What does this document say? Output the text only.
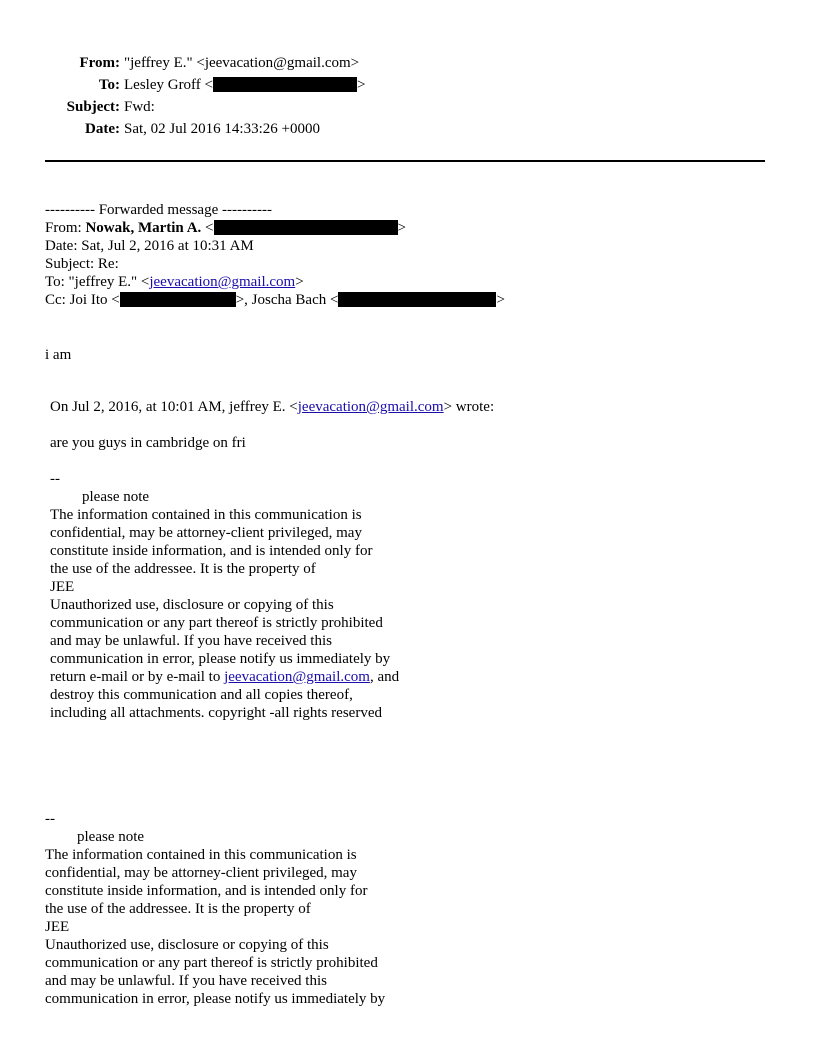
From: "jeffrey E." <jeevacation@gmail.com>
To: Lesley Groff <	>
Subject: Fwd:
Date: Sat, 02 Jul 2016 14:33:26 +0000
---------- Forwarded message ----------
From: Nowak, Martin A. <	>
Date: Sat, Jul 2, 2016 at 10:31 AM
Subject: Re:
To: "jeffrey E." <jeevacation@gmail.com>
Cc: Joi Ito <	>, Joscha Bach <	>
i am
On Jul 2, 2016, at 10:01 AM, jeffrey E. <jeevacation@gmail.com> wrote:
are you guys in cambridge on fri
--
please note
The information contained in this communication is
confidential, may be attorney-client privileged, may
constitute inside information, and is intended only for
the use of the addressee. It is the property of
JEE
Unauthorized use, disclosure or copying of this
communication or any part thereof is strictly prohibited
and may be unlawful. If you have received this
communication in error, please notify us immediately by
return e-mail or by e-mail to jeevacation@gmail.com, and
destroy this communication and all copies thereof,
including all attachments. copyright -all rights reserved
--
please note
The information contained in this communication is
confidential, may be attorney-client privileged, may
constitute inside information, and is intended only for
the use of the addressee. It is the property of
JEE
Unauthorized use, disclosure or copying of this
communication or any part thereof is strictly prohibited
and may be unlawful. If you have received this
communication in error, please notify us immediately by
